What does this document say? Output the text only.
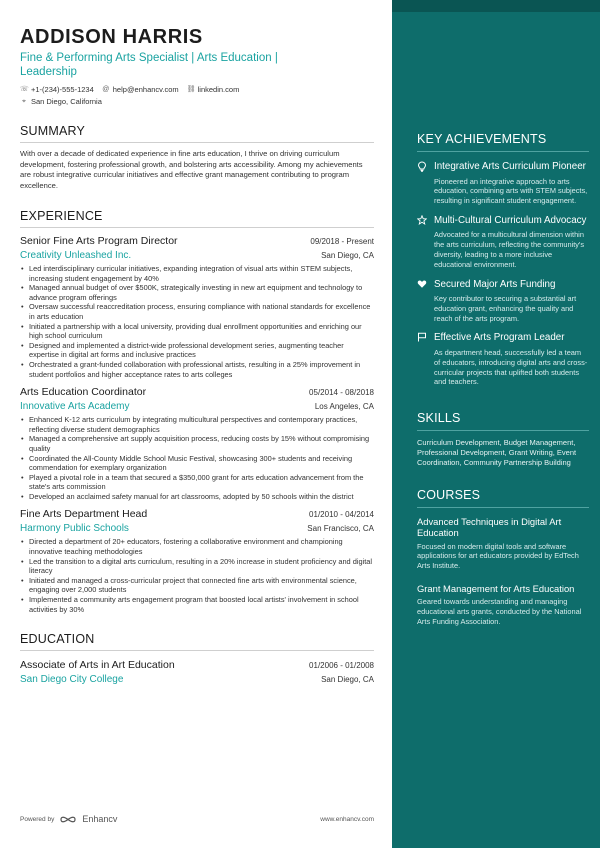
ADDISON HARRIS
Fine & Performing Arts Specialist | Arts Education |
Leadership
☏ +1-(234)-555-1234 @ help@enhancv.com ⛓ linkedin.com
⌖ San Diego, California
SUMMARY
With over a decade of dedicated experience in fine arts education, I thrive on driving curriculum development, fostering professional growth, and bolstering arts accessibility. Among my achievements are robust integrative curricular initiatives and effective grant management contributing to program excellence.
EXPERIENCE
Senior Fine Arts Program Director	09/2018 - Present
Creativity Unleashed Inc.	San Diego, CA
• Led interdisciplinary curricular initiatives, expanding integration of visual arts within STEM subjects, increasing student engagement by 40%
• Managed annual budget of over $500K, strategically investing in new art equipment and technology to advance program offerings
• Oversaw successful reaccreditation process, ensuring compliance with national standards for excellence in arts education
• Initiated a partnership with a local university, providing dual enrollment opportunities and enriching our high school curriculum
• Designed and implemented a district-wide professional development series, augmenting teacher expertise in digital art forms and inclusive practices
• Orchestrated a grant-funded collaboration with professional artists, resulting in a 25% improvement in student portfolios and higher acceptance rates to arts colleges
Arts Education Coordinator	05/2014 - 08/2018
Innovative Arts Academy	Los Angeles, CA
• Enhanced K-12 arts curriculum by integrating multicultural perspectives and contemporary practices, reflecting diverse student demographics
• Managed a comprehensive art supply acquisition process, reducing costs by 15% without compromising quality
• Coordinated the All-County Middle School Music Festival, showcasing 300+ students and receiving commendation for exemplary organization
• Played a pivotal role in a team that secured a $350,000 grant for arts education advancement from the state's arts commission
• Developed an acclaimed safety manual for art classrooms, adopted by 50 schools within the district
Fine Arts Department Head	01/2010 - 04/2014
Harmony Public Schools	San Francisco, CA
• Directed a department of 20+ educators, fostering a collaborative environment and championing innovative teaching methodologies
• Led the transition to a digital arts curriculum, resulting in a 20% increase in student proficiency and digital literacy
• Initiated and managed a cross-curricular project that connected fine arts with environmental science, engaging over 2,000 students
• Implemented a community arts engagement program that boosted local artists' involvement in school activities by 30%
EDUCATION
Associate of Arts in Art Education	01/2006 - 01/2008
San Diego City College	San Diego, CA
Powered by	Enhancv	www.enhancv.com
KEY ACHIEVEMENTS
Integrative Arts Curriculum Pioneer
Pioneered an integrative approach to arts education, combining arts with STEM subjects, resulting in significant student engagement.
Multi-Cultural Curriculum Advocacy
Advocated for a multicultural dimension within the arts curriculum, reflecting the community's diversity, leading to a more inclusive educational environment.
Secured Major Arts Funding
Key contributor to securing a substantial art education grant, enhancing the quality and reach of the arts program.
Effective Arts Program Leader
As department head, successfully led a team of educators, introducing digital arts and cross-curricular projects that uplifted both students and teachers.
SKILLS
Curriculum Development, Budget Management, Professional Development, Grant Writing, Event Coordination, Community Partnership Building
COURSES
Advanced Techniques in Digital Art Education
Focused on modern digital tools and software applications for art educators provided by EdTech Arts Institute.
Grant Management for Arts Education
Geared towards understanding and managing educational arts grants, conducted by the National Arts Funding Association.
